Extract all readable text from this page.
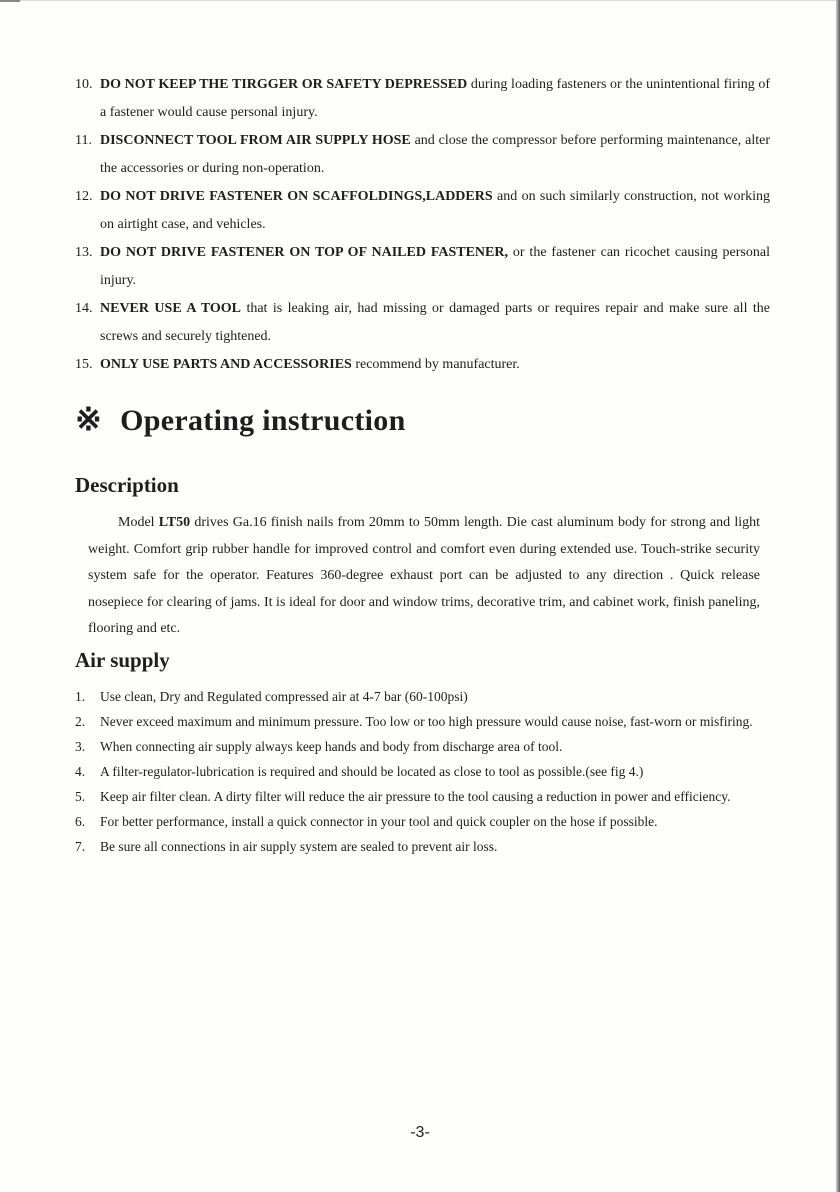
10. DO NOT KEEP THE TIRGGER OR SAFETY DEPRESSED during loading fasteners or the unintentional firing of a fastener would cause personal injury.
11. DISCONNECT TOOL FROM AIR SUPPLY HOSE and close the compressor before performing maintenance, alter the accessories or during non-operation.
12. DO NOT DRIVE FASTENER ON SCAFFOLDINGS,LADDERS and on such similarly construction, not working on airtight case, and vehicles.
13. DO NOT DRIVE FASTENER ON TOP OF NAILED FASTENER, or the fastener can ricochet causing personal injury.
14. NEVER USE A TOOL that is leaking air, had missing or damaged parts or requires repair and make sure all the screws and securely tightened.
15. ONLY USE PARTS AND ACCESSORIES recommend by manufacturer.
※ Operating instruction
Description

Model LT50 drives Ga.16 finish nails from 20mm to 50mm length. Die cast aluminum body for strong and light weight. Comfort grip rubber handle for improved control and comfort even during extended use. Touch-strike security system safe for the operator. Features 360-degree exhaust port can be adjusted to any direction . Quick release nosepiece for clearing of jams. It is ideal for door and window trims, decorative trim, and cabinet work, finish paneling, flooring and etc.

Air supply
1. Use clean, Dry and Regulated compressed air at 4-7 bar (60-100psi)
2. Never exceed maximum and minimum pressure. Too low or too high pressure would cause noise, fast-worn or misfiring.
3. When connecting air supply always keep hands and body from discharge area of tool.
4. A filter-regulator-lubrication is required and should be located as close to tool as possible.(see fig 4.)
5. Keep air filter clean. A dirty filter will reduce the air pressure to the tool causing a reduction in power and efficiency.
6. For better performance, install a quick connector in your tool and quick coupler on the hose if possible.
7. Be sure all connections in air supply system are sealed to prevent air loss.
-3-
